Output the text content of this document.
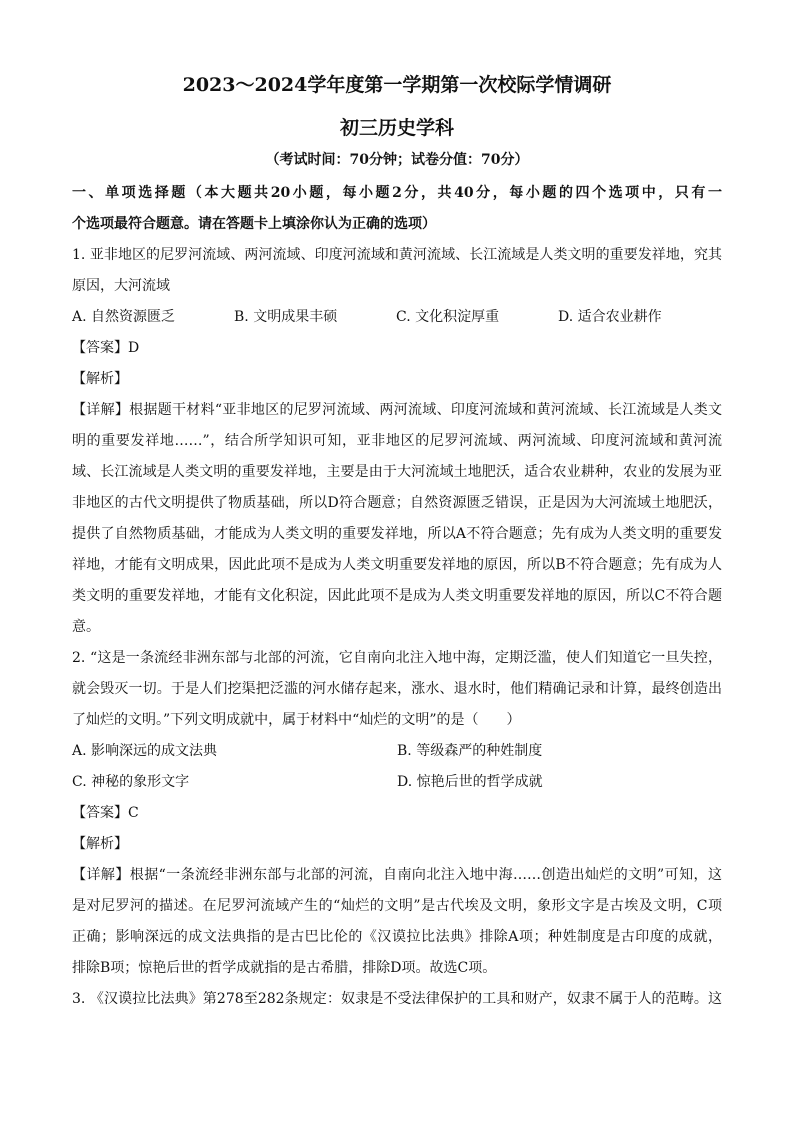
2023～2024学年度第一学期第一次校际学情调研
初三历史学科
（考试时间：70分钟；试卷分值：70分）
一、单项选择题（本大题共20小题，每小题2分，共40分，每小题的四个选项中，只有一
个选项最符合题意。请在答题卡上填涂你认为正确的选项）
1. 亚非地区的尼罗河流域、两河流域、印度河流域和黄河流域、长江流域是人类文明的重要发祥地，究其
原因，大河流域
A. 自然资源匮乏	B. 文明成果丰硕	C. 文化积淀厚重	D. 适合农业耕作
【答案】D
【解析】
【详解】根据题干材料“亚非地区的尼罗河流域、两河流域、印度河流域和黄河流域、长江流域是人类文
明的重要发祥地……”，结合所学知识可知，亚非地区的尼罗河流域、两河流域、印度河流域和黄河流
域、长江流域是人类文明的重要发祥地，主要是由于大河流域土地肥沃，适合农业耕种，农业的发展为亚
非地区的古代文明提供了物质基础，所以D符合题意；自然资源匮乏错误，正是因为大河流域土地肥沃，
提供了自然物质基础，才能成为人类文明的重要发祥地，所以A不符合题意；先有成为人类文明的重要发
祥地，才能有文明成果，因此此项不是成为人类文明重要发祥地的原因，所以B不符合题意；先有成为人
类文明的重要发祥地，才能有文化积淀，因此此项不是成为人类文明重要发祥地的原因，所以C不符合题
意。
2. “这是一条流经非洲东部与北部的河流，它自南向北注入地中海，定期泛滥，使人们知道它一旦失控，
就会毁灭一切。于是人们挖渠把泛滥的河水储存起来，涨水、退水时，他们精确记录和计算，最终创造出
了灿烂的文明。”下列文明成就中，属于材料中“灿烂的文明”的是（　　）
A. 影响深远的成文法典	B. 等级森严的种姓制度
C. 神秘的象形文字	D. 惊艳后世的哲学成就
【答案】C
【解析】
【详解】根据“一条流经非洲东部与北部的河流，自南向北注入地中海……创造出灿烂的文明”可知，这
是对尼罗河的描述。在尼罗河流域产生的“灿烂的文明”是古代埃及文明，象形文字是古埃及文明，C项
正确；影响深远的成文法典指的是古巴比伦的《汉谟拉比法典》排除A项；种姓制度是古印度的成就，
排除B项；惊艳后世的哲学成就指的是古希腊，排除D项。故选C项。
3. 《汉谟拉比法典》第278至282条规定：奴隶是不受法律保护的工具和财产，奴隶不属于人的范畴。这
